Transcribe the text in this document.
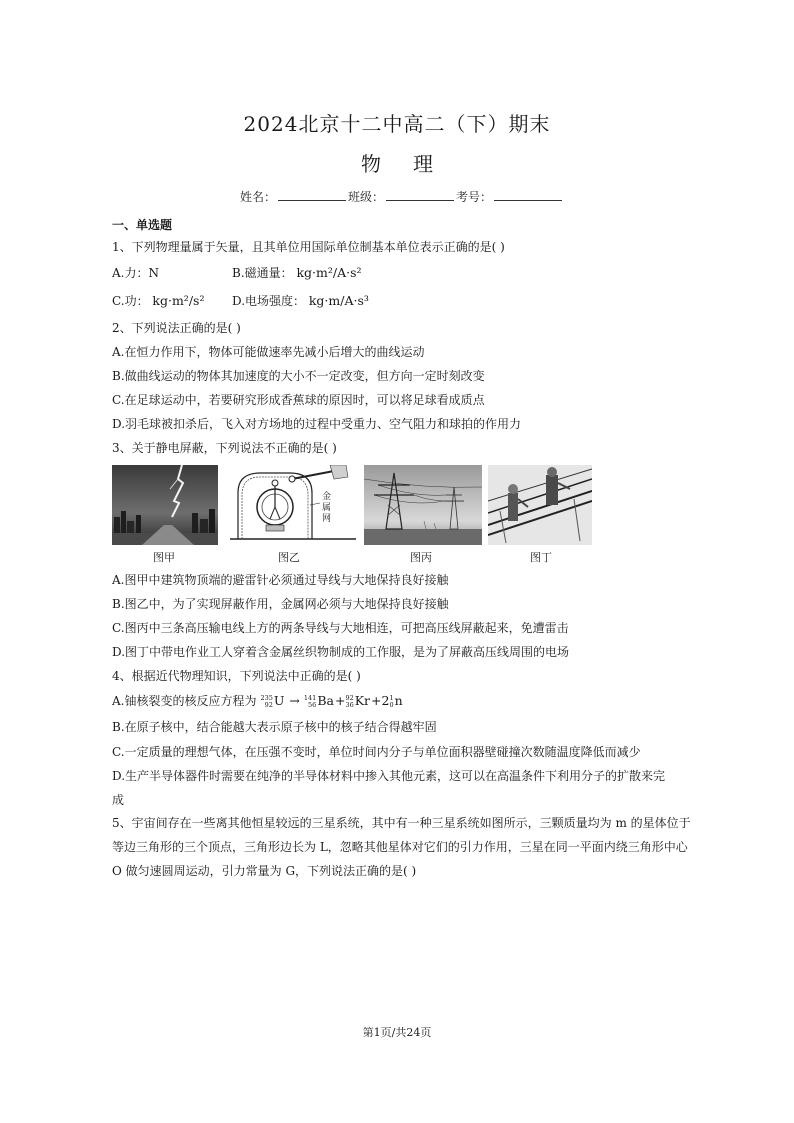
2024北京十二中高二（下）期末
物理
姓名：	班级：	考号：
一、单选题
1、下列物理量属于矢量，且其单位用国际单位制基本单位表示正确的是( )
A.力：N	B.磁通量： kg·m²/A·s²
C.功： kg·m²/s² D.电场强度： kg·m/A·s³
2、下列说法正确的是( )
A.在恒力作用下，物体可能做速率先减小后增大的曲线运动
B.做曲线运动的物体其加速度的大小不一定改变，但方向一定时刻改变
C.在足球运动中，若要研究形成香蕉球的原因时，可以将足球看成质点
D.羽毛球被扣杀后，飞入对方场地的过程中受重力、空气阻力和球拍的作用力
3、关于静电屏蔽，下列说法不正确的是( )
金
属
网
图甲	图乙	图丙	图丁
A.图甲中建筑物顶端的避雷针必须通过导线与大地保持良好接触
B.图乙中，为了实现屏蔽作用，金属网必须与大地保持良好接触
C.图丙中三条高压输电线上方的两条导线与大地相连，可把高压线屏蔽起来，免遭雷击
D.图丁中带电作业工人穿着含金属丝织物制成的工作服，是为了屏蔽高压线周围的电场
4、根据近代物理知识，下列说法中正确的是( )
A.铀核裂变的核反应方程为 235
92 U → 141
56 Ba+ 92
36 Kr+2 1
0 n
B.在原子核中，结合能越大表示原子核中的核子结合得越牢固
C.一定质量的理想气体，在压强不变时，单位时间内分子与单位面积器壁碰撞次数随温度降低而减少
D.生产半导体器件时需要在纯净的半导体材料中掺入其他元素，这可以在高温条件下利用分子的扩散来完
成
5、宇宙间存在一些离其他恒星较远的三星系统，其中有一种三星系统如图所示，三颗质量均为 m 的星体位于等边三角形的三个顶点，三角形边长为 L，忽略其他星体对它们的引力作用，三星在同一平面内绕三角形中心 O 做匀速圆周运动，引力常量为 G，下列说法正确的是( )
第1页/共24页
